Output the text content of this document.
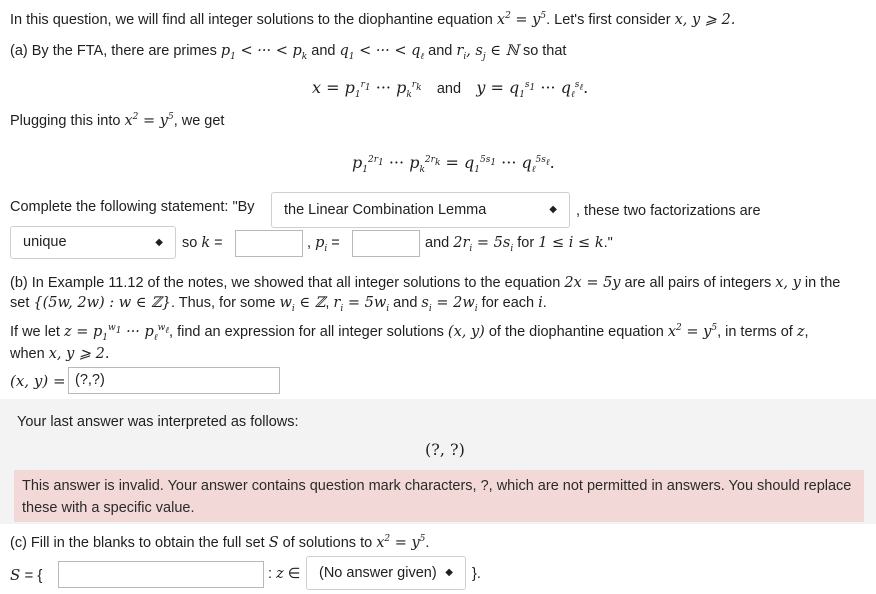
In this question, we will find all integer solutions to the diophantine equation $x^2 = y^5$. Let's first consider x, y ⩾ 2.
(a) By the FTA, there are primes $p_1$ < ··· < $p_k$ and $q_1$ < ··· < $q_\ell$ and $r_i$, $s_j$ ∈ ℕ so that
$x = p_1^{r_1}$ ··· $p_k^{r_k}$ and $y = q_1^{s_1}$ ··· $q_\ell^{s_\ell}$.
Plugging this into $x^2 = y^5$, we get
$p_1^{2r_1}$ ··· $p_k^{2r_k} = q_1^{5s_1}$ ··· $q_\ell^{5s_\ell}$.
Complete the following statement: "By	the Linear Combination Lemma	◆ , these two factorizations are
unique	◆ so k =	, $p_i$ =	and $2r_i = 5s_i$ for 1 ≤ i ≤ k."
(b) In Example 11.12 of the notes, we showed that all integer solutions to the equation 2x = 5y are all pairs of integers x, y in the
set {(5w, 2w) : w ∈ ℤ}. Thus, for some $w_i$ ∈ ℤ, $r_i = 5w_i$ and $s_i = 2w_i$ for each i.
If we let $z = p_1^{w_1}$ ··· $p_\ell^{w_\ell}$, find an expression for all integer solutions (x, y) of the diophantine equation $x^2 = y^5$, in terms of z,
when x, y ⩾ 2.
(x, y) = (?,?)
Your last answer was interpreted as follows:
(?, ?)
This answer is invalid. Your answer contains question mark characters, ?, which are not permitted in answers. You should replace these with a specific value.
(c) Fill in the blanks to obtain the full set S of solutions to $x^2 = y^5$.
S = {	: z ∈	(No answer given) ◆ }.
